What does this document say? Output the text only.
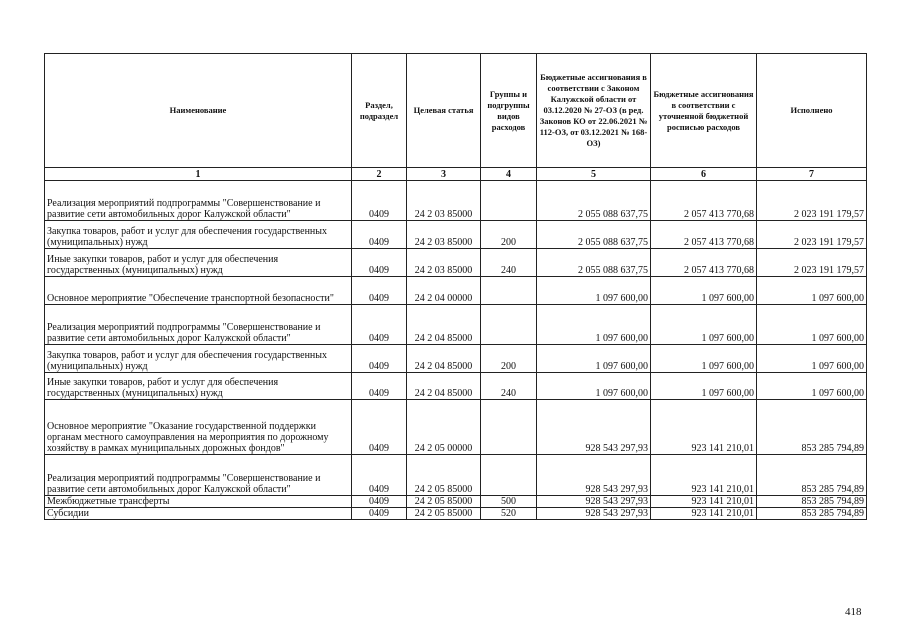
Наименование	Раздел, подраздел	Целевая статья	Группы и подгруппы видов расходов	Бюджетные ассигнования в соответствии с Законом Калужской области от 03.12.2020 № 27-ОЗ (в ред. Законов КО от 22.06.2021 № 112-ОЗ, от 03.12.2021 № 168-ОЗ)	Бюджетные ассигнования в соответствии с уточненной бюджетной росписью расходов	Исполнено
1	2	3	4	5	6	7
Реализация мероприятий подпрограммы "Совершенствование и развитие сети автомобильных дорог Калужской области"	0409	24 2 03 85000		2 055 088 637,75	2 057 413 770,68	2 023 191 179,57
Закупка товаров, работ и услуг для обеспечения государственных (муниципальных) нужд	0409	24 2 03 85000	200	2 055 088 637,75	2 057 413 770,68	2 023 191 179,57
Иные закупки товаров, работ и услуг для обеспечения государственных (муниципальных) нужд	0409	24 2 03 85000	240	2 055 088 637,75	2 057 413 770,68	2 023 191 179,57
Основное мероприятие "Обеспечение транспортной безопасности"	0409	24 2 04 00000		1 097 600,00	1 097 600,00	1 097 600,00
Реализация мероприятий подпрограммы "Совершенствование и развитие сети автомобильных дорог Калужской области"	0409	24 2 04 85000		1 097 600,00	1 097 600,00	1 097 600,00
Закупка товаров, работ и услуг для обеспечения государственных (муниципальных) нужд	0409	24 2 04 85000	200	1 097 600,00	1 097 600,00	1 097 600,00
Иные закупки товаров, работ и услуг для обеспечения государственных (муниципальных) нужд	0409	24 2 04 85000	240	1 097 600,00	1 097 600,00	1 097 600,00
Основное мероприятие "Оказание государственной поддержки органам местного самоуправления на мероприятия по дорожному хозяйству в рамках муниципальных дорожных фондов"	0409	24 2 05 00000		928 543 297,93	923 141 210,01	853 285 794,89
Реализация мероприятий подпрограммы "Совершенствование и развитие сети автомобильных дорог Калужской области"	0409	24 2 05 85000		928 543 297,93	923 141 210,01	853 285 794,89
Межбюджетные трансферты	0409	24 2 05 85000	500	928 543 297,93	923 141 210,01	853 285 794,89
Субсидии	0409	24 2 05 85000	520	928 543 297,93	923 141 210,01	853 285 794,89
418
